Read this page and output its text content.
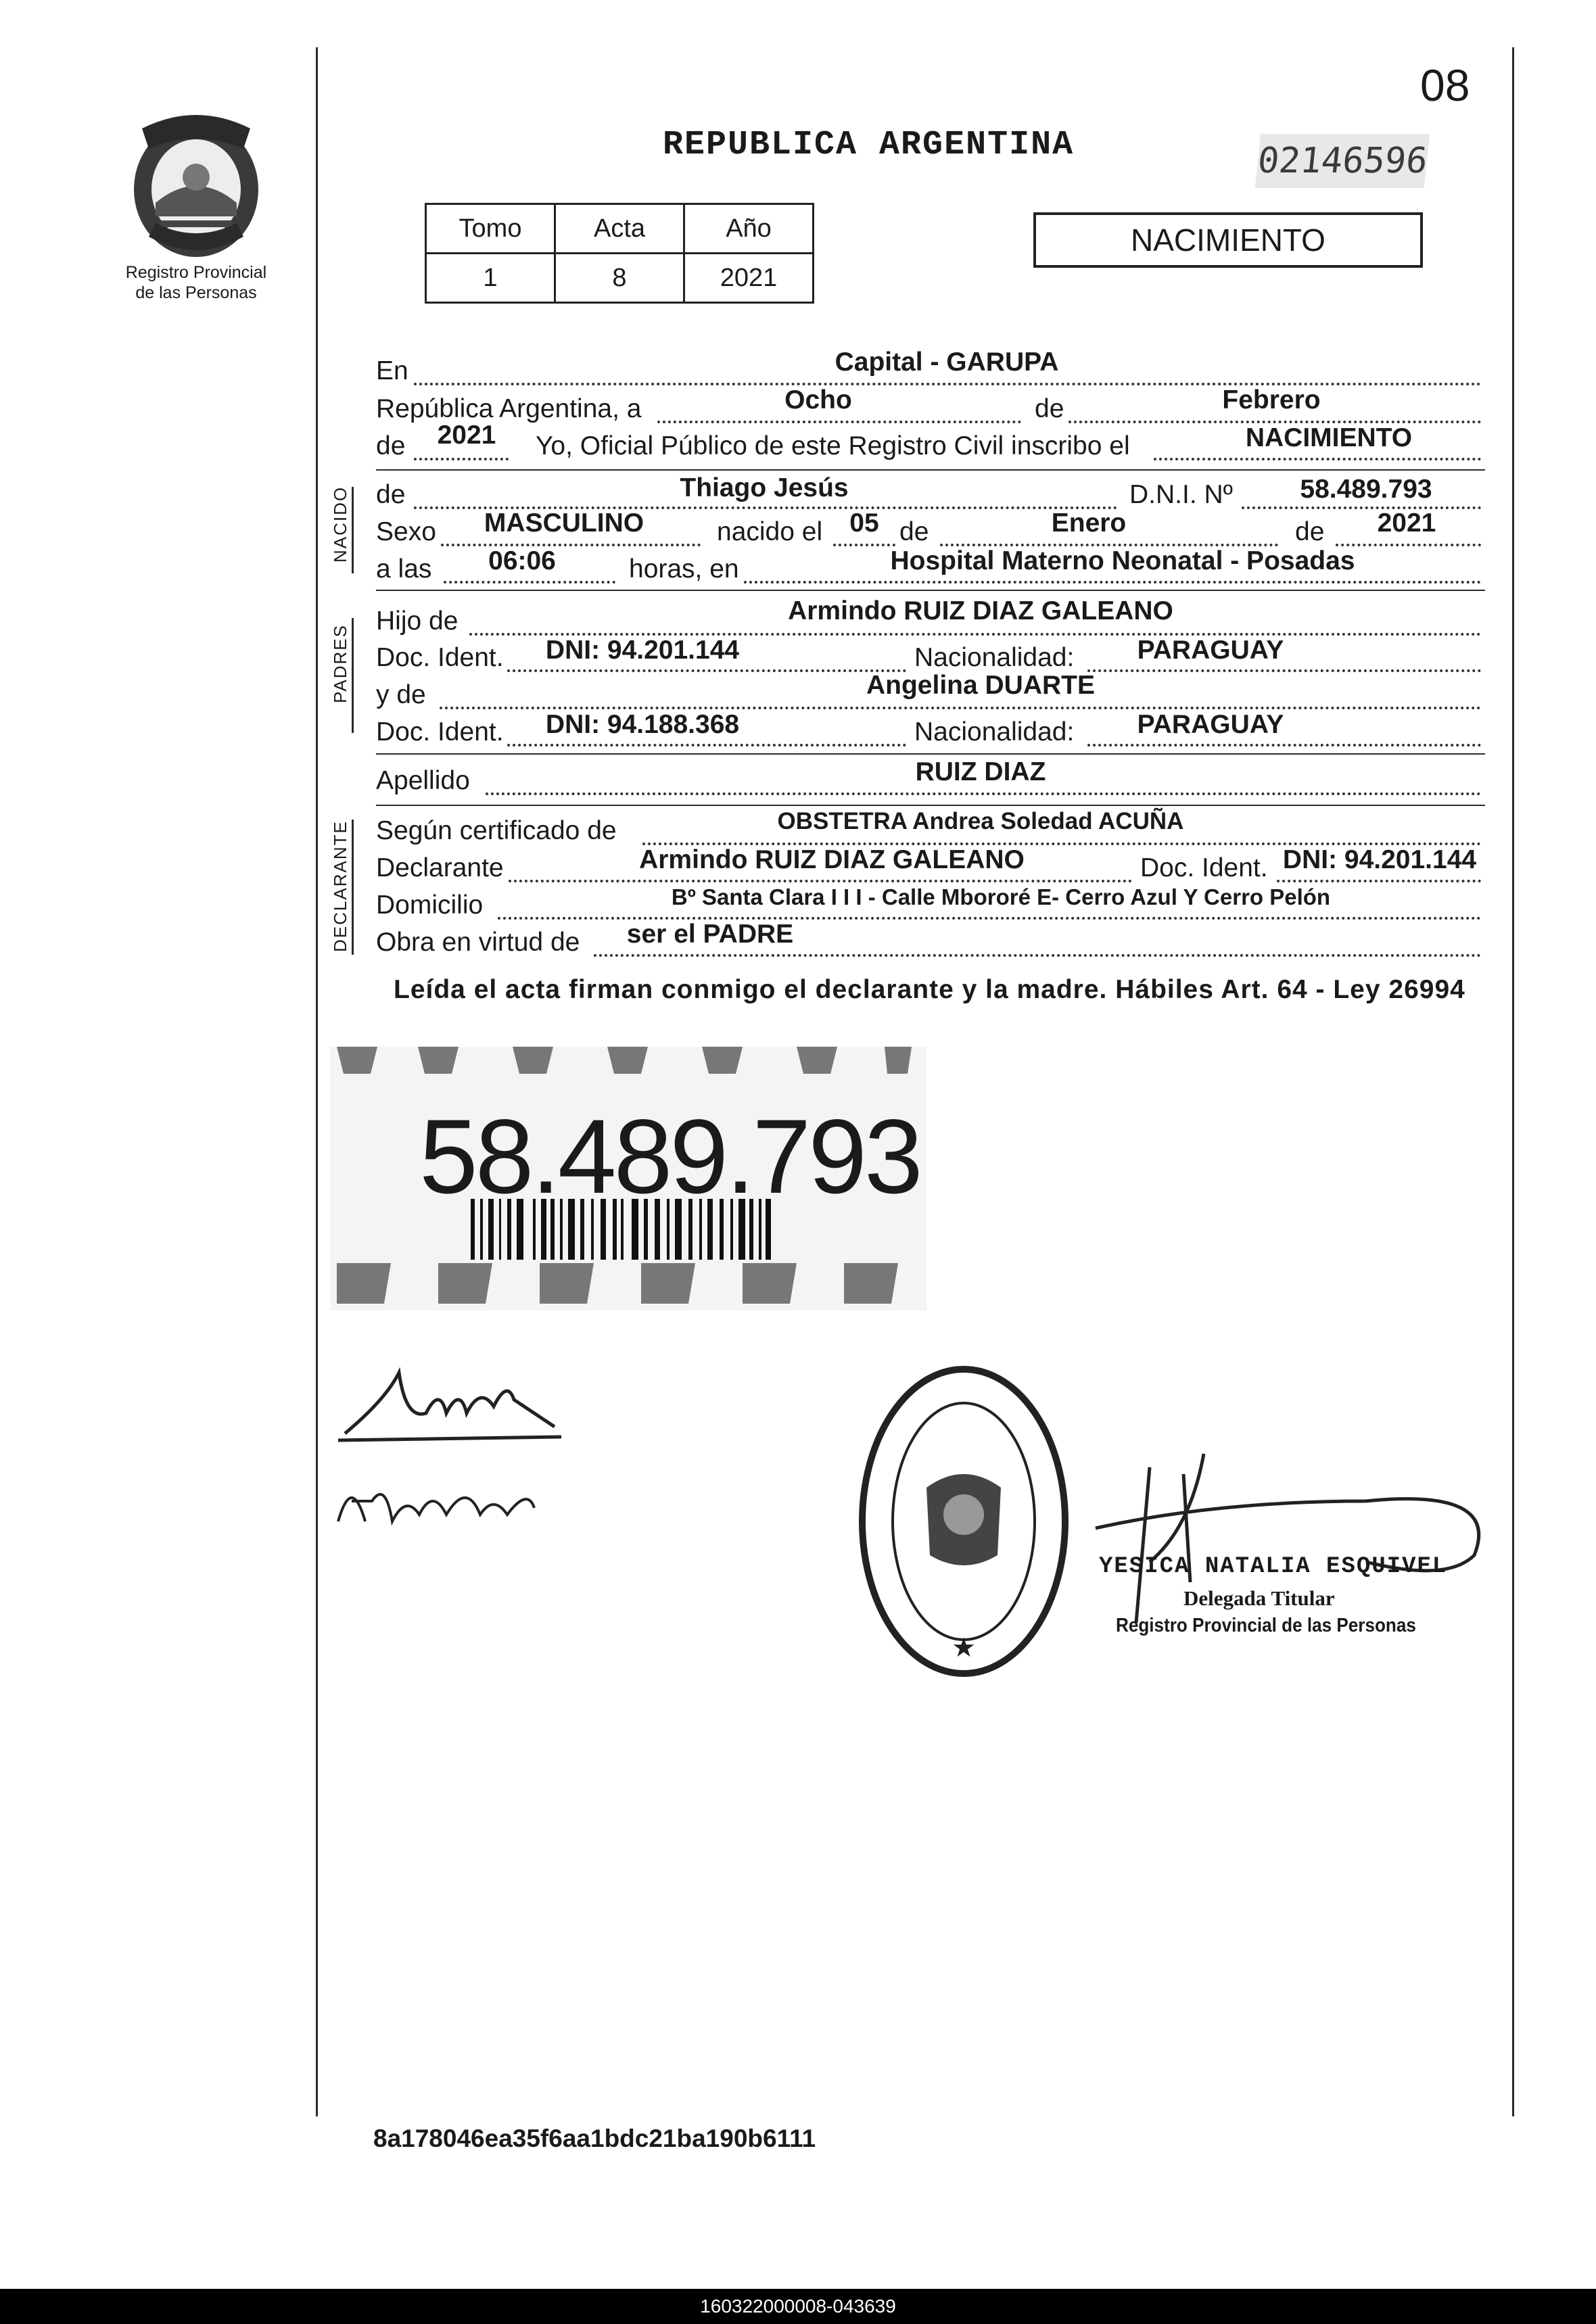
Registro Provincial
de las Personas
08
REPUBLICA ARGENTINA	02146596
Tomo	Acta	Año
1	8	2021
NACIMIENTO
En	Capital - GARUPA
República Argentina, a	Ocho	de	Febrero
de	2021	Yo, Oficial Público de este Registro Civil inscribo el	NACIMIENTO
NACIDO de	Thiago Jesús	D.N.I. Nº	58.489.793
Sexo	MASCULINO	nacido el	05 de	Enero	de	2021
a las	06:06	horas, en	Hospital Materno Neonatal - Posadas
PADRES
Hijo de	Armindo RUIZ DIAZ GALEANO
Doc. Ident.	DNI: 94.201.144	Nacionalidad:	PARAGUAY
y de	Angelina DUARTE
Doc. Ident.	DNI: 94.188.368	Nacionalidad:	PARAGUAY
Apellido	RUIZ DIAZ
DECLARANTE Según certificado de	OBSTETRA Andrea Soledad ACUÑA
Declarante	Armindo RUIZ DIAZ GALEANO	Doc. Ident. DNI: 94.201.144
Domicilio	Bº Santa Clara I I I - Calle Mbororé E- Cerro Azul Y Cerro Pelón
Obra en virtud de	ser el PADRE
Leída el acta firman conmigo el declarante y la madre. Hábiles Art. 64 - Ley 26994
58.489.793
★
YESICA NATALIA ESQUIVEL
Delegada Titular
Registro Provincial de las Personas
8a178046ea35f6aa1bdc21ba190b6111
160322000008-043639
